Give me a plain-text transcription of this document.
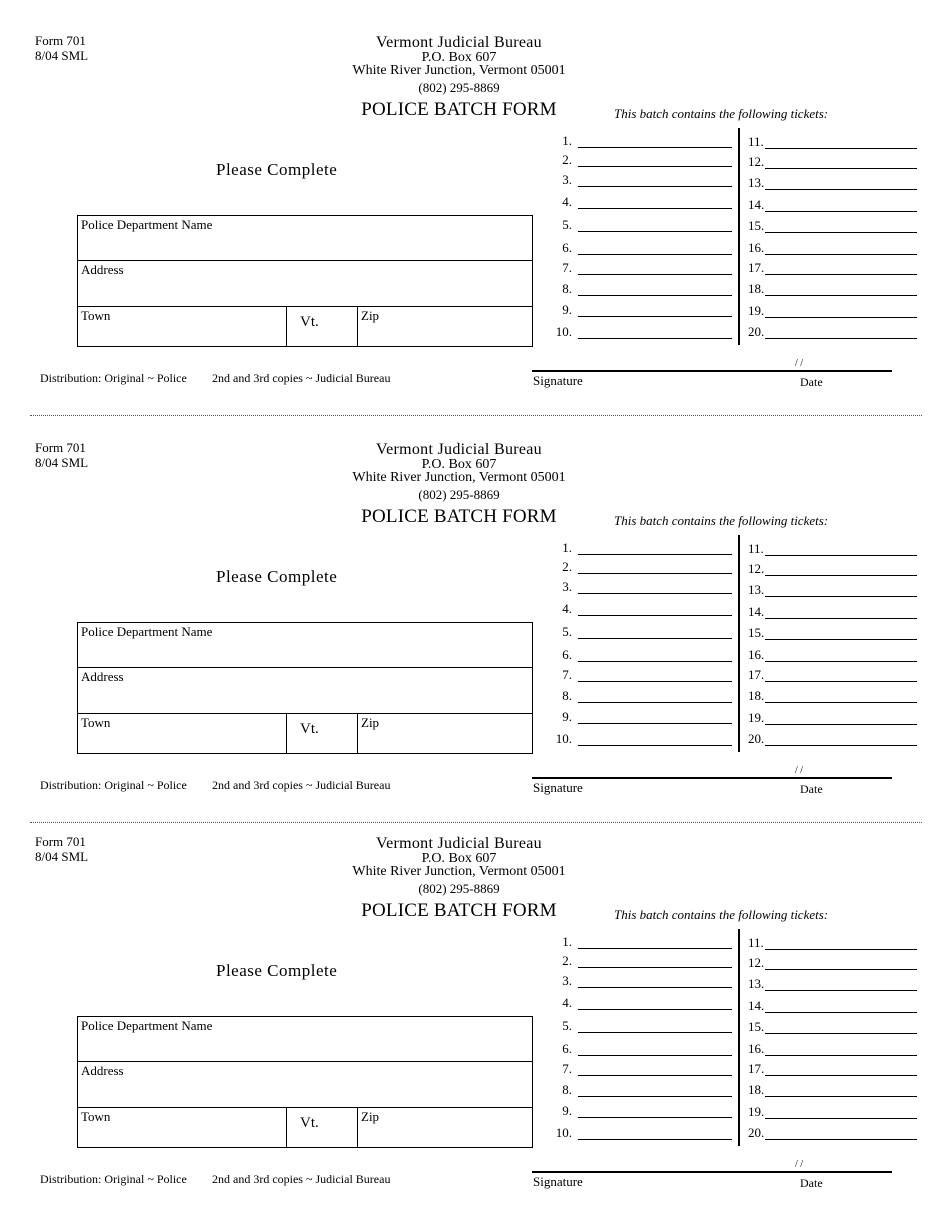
Form 701
8/04 SML
Vermont Judicial Bureau
P.O. Box 607
White River Junction, Vermont 05001
(802) 295-8869
POLICE BATCH FORM	This batch contains the following tickets:
Please Complete
Police Department Name
Address
Town	Vt.	Zip
1.
2.
3.
4.
5.
6.
7.
8.
9.
10.
11.
12.
13.
14.
15.
16.
17.
18.
19.
20.
Distribution: Original ~ Police 2nd and 3rd copies ~ Judicial Bureau	Signature
/ /
Date
Form 701
8/04 SML
Vermont Judicial Bureau
P.O. Box 607
White River Junction, Vermont 05001
(802) 295-8869
POLICE BATCH FORM	This batch contains the following tickets:
Please Complete
Police Department Name
Address
Town	Vt.	Zip
1.
2.
3.
4.
5.
6.
7.
8.
9.
10.
11.
12.
13.
14.
15.
16.
17.
18.
19.
20.
Distribution: Original ~ Police 2nd and 3rd copies ~ Judicial Bureau	Signature
/ /
Date
Form 701
8/04 SML
Vermont Judicial Bureau
P.O. Box 607
White River Junction, Vermont 05001
(802) 295-8869
POLICE BATCH FORM	This batch contains the following tickets:
Please Complete
Police Department Name
Address
Town	Vt.	Zip
1.
2.
3.
4.
5.
6.
7.
8.
9.
10.
11.
12.
13.
14.
15.
16.
17.
18.
19.
20.
Distribution: Original ~ Police 2nd and 3rd copies ~ Judicial Bureau	Signature
/ /
Date
